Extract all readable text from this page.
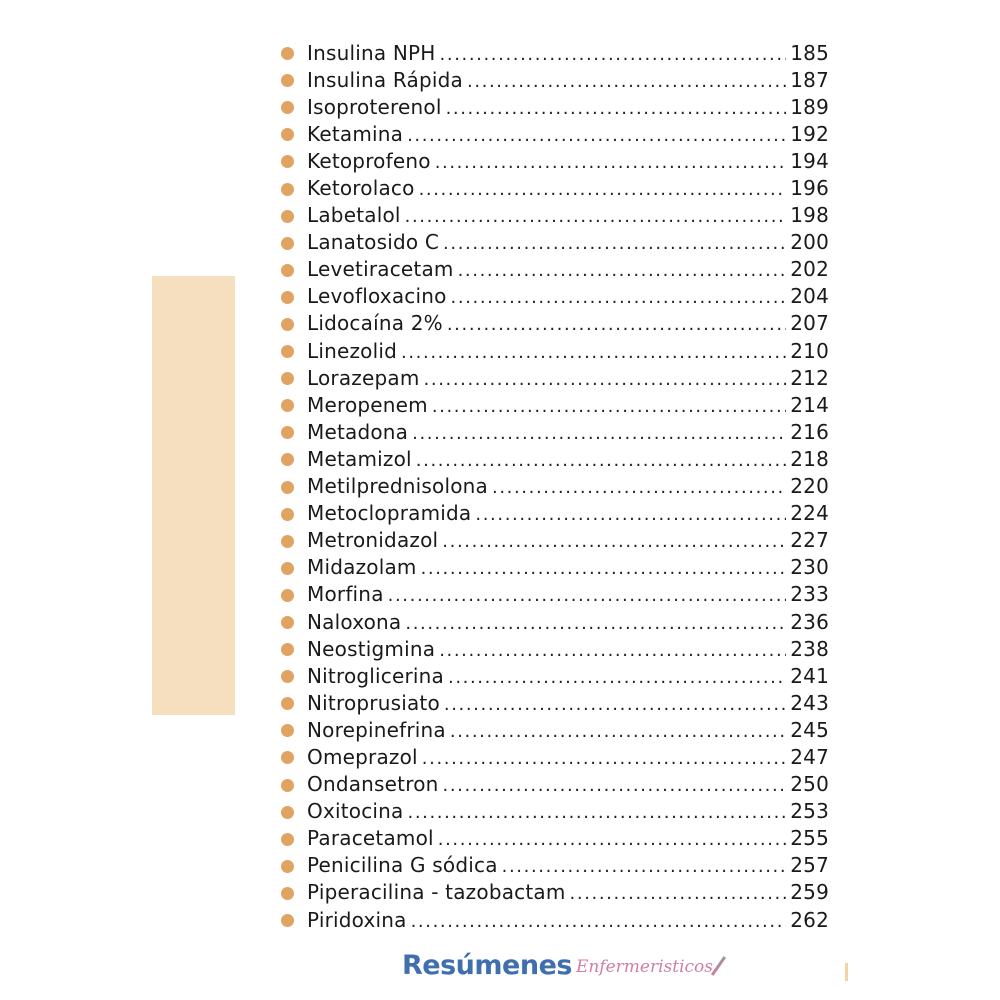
Insulina NPH .....	185
Insulina Rápida .....	187
Isoproterenol .....	189
Ketamina .....	192
Ketoprofeno .....	194
Ketorolaco .....	196
Labetalol .....	198
Lanatosido C .....	200
Levetiracetam .....	202
Levofloxacino .....	204
Lidocaína 2% .....	207
Linezolid .....	210
Lorazepam .....	212
Meropenem .....	214
Metadona .....	216
Metamizol .....	218
Metilprednisolona .....	220
Metoclopramida .....	224
Metronidazol .....	227
Midazolam .....	230
Morfina .....	233
Naloxona .....	236
Neostigmina .....	238
Nitroglicerina .....	241
Nitroprusiato .....	243
Norepinefrina .....	245
Omeprazol .....	247
Ondansetron .....	250
Oxitocina .....	253
Paracetamol .....	255
Penicilina G sódica .....	257
Piperacilina - tazobactam .....	259
Piridoxina .....	262
Resúmenes Enfermeristicos
